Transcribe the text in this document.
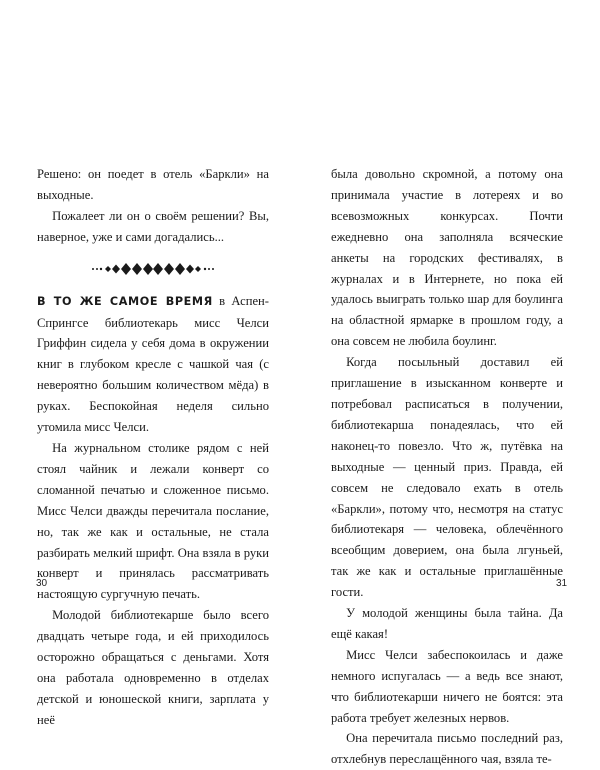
Решено: он поедет в отель «Баркли» на выходные.

Пожалеет ли он о своём решении? Вы, наверное, уже и сами догадались...

В ТО ЖЕ САМОЕ ВРЕМЯ в Аспен-Спрингсе библиотекарь мисс Челси Гриффин сидела у себя дома в окружении книг в глубоком кресле с чашкой чая (с невероятно большим количеством мёда) в руках. Беспокойная неделя сильно утомила мисс Челси.

На журнальном столике рядом с ней стоял чайник и лежали конверт со сломанной печатью и сложенное письмо. Мисс Челси дважды перечитала послание, но, так же как и остальные, не стала разбирать мелкий шрифт. Она взяла в руки конверт и принялась рассматривать настоящую сургучную печать.

Молодой библиотекарше было всего двадцать четыре года, и ей приходилось осторожно обращаться с деньгами. Хотя она работала одновременно в отделах детской и юношеской книги, зарплата у неё

была довольно скромной, а потому она принимала участие в лотереях и во всевозможных конкурсах. Почти ежедневно она заполняла всяческие анкеты на городских фестивалях, в журналах и в Интернете, но пока ей удалось выиграть только шар для боулинга на областной ярмарке в прошлом году, а она совсем не любила боулинг.

Когда посыльный доставил ей приглашение в изысканном конверте и потребовал расписаться в получении, библиотекарша понадеялась, что ей наконец-то повезло. Что ж, путёвка на выходные — ценный приз. Правда, ей совсем не следовало ехать в отель «Баркли», потому что, несмотря на статус библиотекаря — человека, облечённого всеобщим доверием, она была лгуньей, так же как и остальные приглашённые гости.

У молодой женщины была тайна. Да ещё какая!

Мисс Челси забеспокоилась и даже немного испугалась — а ведь все знают, что библиотекарши ничего не боятся: эта работа требует железных нервов.

Она перечитала письмо последний раз, отхлебнув переслащённого чая, взяла те-

30	31
